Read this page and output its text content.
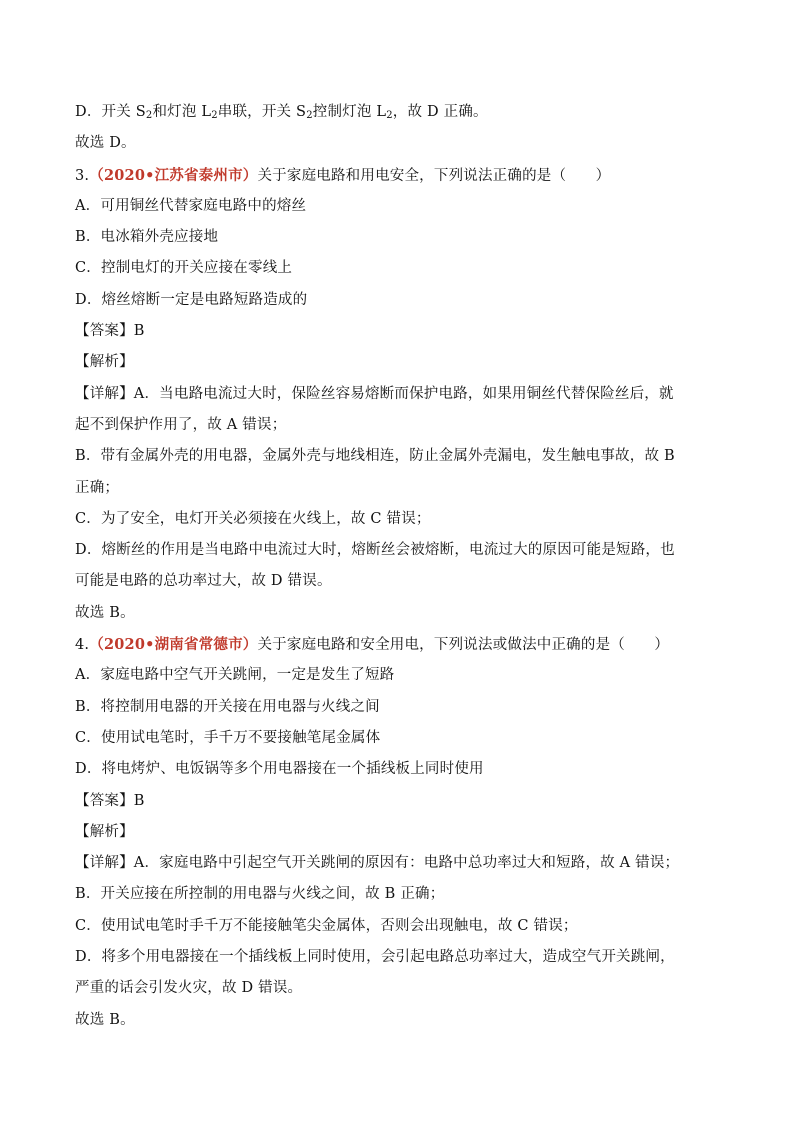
D．开关 $S_2$和灯泡 $L_2$串联，开关 $S_2$控制灯泡 $L_2$，故 D 正确。
故选 D。
3.（2020•江苏省泰州市）关于家庭电路和用电安全，下列说法正确的是（　　）
A．可用铜丝代替家庭电路中的熔丝
B．电冰箱外壳应接地
C．控制电灯的开关应接在零线上
D．熔丝熔断一定是电路短路造成的
【答案】B
【解析】
【详解】A．当电路电流过大时，保险丝容易熔断而保护电路，如果用铜丝代替保险丝后，就
起不到保护作用了，故 A 错误；
B．带有金属外壳的用电器，金属外壳与地线相连，防止金属外壳漏电，发生触电事故，故 B
正确；
C．为了安全，电灯开关必须接在火线上，故 C 错误；
D．熔断丝的作用是当电路中电流过大时，熔断丝会被熔断，电流过大的原因可能是短路，也
可能是电路的总功率过大，故 D 错误。
故选 B。
4.（2020•湖南省常德市）关于家庭电路和安全用电，下列说法或做法中正确的是（　　）
A．家庭电路中空气开关跳闸，一定是发生了短路
B．将控制用电器的开关接在用电器与火线之间
C．使用试电笔时，手千万不要接触笔尾金属体
D．将电烤炉、电饭锅等多个用电器接在一个插线板上同时使用
【答案】B
【解析】
【详解】A．家庭电路中引起空气开关跳闸的原因有：电路中总功率过大和短路，故 A 错误；
B．开关应接在所控制的用电器与火线之间，故 B 正确；
C．使用试电笔时手千万不能接触笔尖金属体，否则会出现触电，故 C 错误；
D．将多个用电器接在一个插线板上同时使用，会引起电路总功率过大，造成空气开关跳闸，
严重的话会引发火灾，故 D 错误。
故选 B。
